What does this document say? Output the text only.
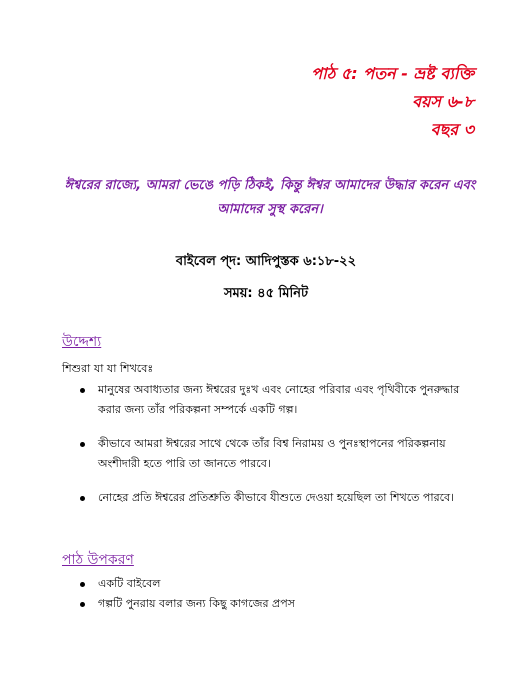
পাঠ ৫: পতন - ভ্রষ্ট ব্যক্তি
বয়স ৬-৮
বছর ৩
ঈশ্বরের রাজ্যে, আমরা ভেঙে পড়ি ঠিকই, কিন্তু ঈশ্বর আমাদের উদ্ধার করেন এবং আমাদের সুস্থ করেন।
বাইবেল প্দ: আদিপুস্তক ৬:১৮-২২
সময়: ৪৫ মিনিট
উদ্দেশ্য
শিশুরা যা যা শিখবেঃ
মানুষের অবাধ্যতার জন্য ঈশ্বরের দুঃখ এবং নোহের পরিবার এবং পৃথিবীকে পুনরুদ্ধার করার জন্য তাঁর পরিকল্পনা সম্পর্কে একটি গল্প।
কীভাবে আমরা ঈশ্বরের সাথে থেকে তাঁর বিশ্ব নিরাময় ও পুনঃস্থাপনের পরিকল্পনায় অংশীদারী হতে পারি তা জানতে পারবে।
নোহের প্রতি ঈশ্বরের প্রতিশ্রুতি কীভাবে যীশুতে দেওয়া হয়েছিল তা শিখতে পারবে।
পাঠ উপকরণ
একটি বাইবেল
গল্পটি পুনরায় বলার জন্য কিছু কাগজের প্রপস
